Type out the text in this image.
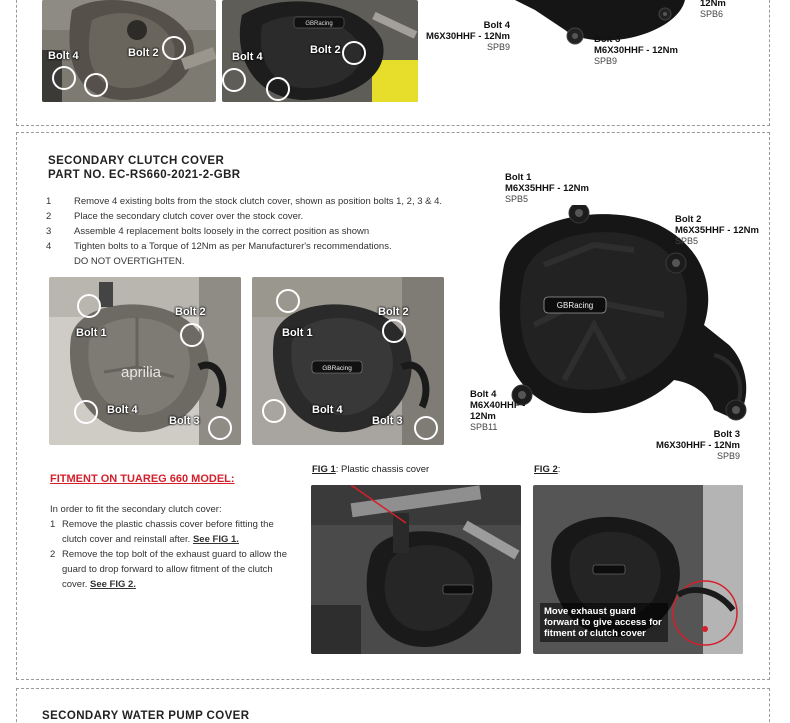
Bolt 4	Bolt 2
GBRacing
Bolt 4
Bolt 2
12Nm
SPB6
Bolt 4
M6X30HHF - 12Nm
SPB9
Bolt 3
M6X30HHF - 12Nm
SPB9
SECONDARY CLUTCH COVER
PART NO. EC-RS660-2021-2-GBR
1	Remove 4 existing bolts from the stock clutch cover, shown as position bolts 1, 2, 3 & 4.
2	Place the secondary clutch cover over the stock cover.
3	Assemble 4 replacement bolts loosely in the correct position as shown
4	Tighten bolts to a Torque of 12Nm as per Manufacturer's recommendations.
DO NOT OVERTIGHTEN.
aprilia
Bolt 1
Bolt 2
Bolt 4
Bolt 3
GBRacing
Bolt 1
Bolt 2
Bolt 4
Bolt 3
GBRacing
Bolt 1
M6X35HHF - 12Nm
SPB5
Bolt 2
M6X35HHF - 12Nm
SPB5
Bolt 4
M6X40HHF -
12Nm
SPB11
Bolt 3
M6X30HHF - 12Nm
SPB9
FITMENT ON TUAREG 660 MODEL:
In order to fit the secondary clutch cover:
1 Remove the plastic chassis cover before fitting the clutch cover and reinstall after. See FIG 1.
2 Remove the top bolt of the exhaust guard to allow the guard to drop forward to allow fitment of the clutch cover. See FIG 2.
FIG 1: Plastic chassis cover	FIG 2:
Move exhaust guard forward to give access for fitment of clutch cover
SECONDARY WATER PUMP COVER
